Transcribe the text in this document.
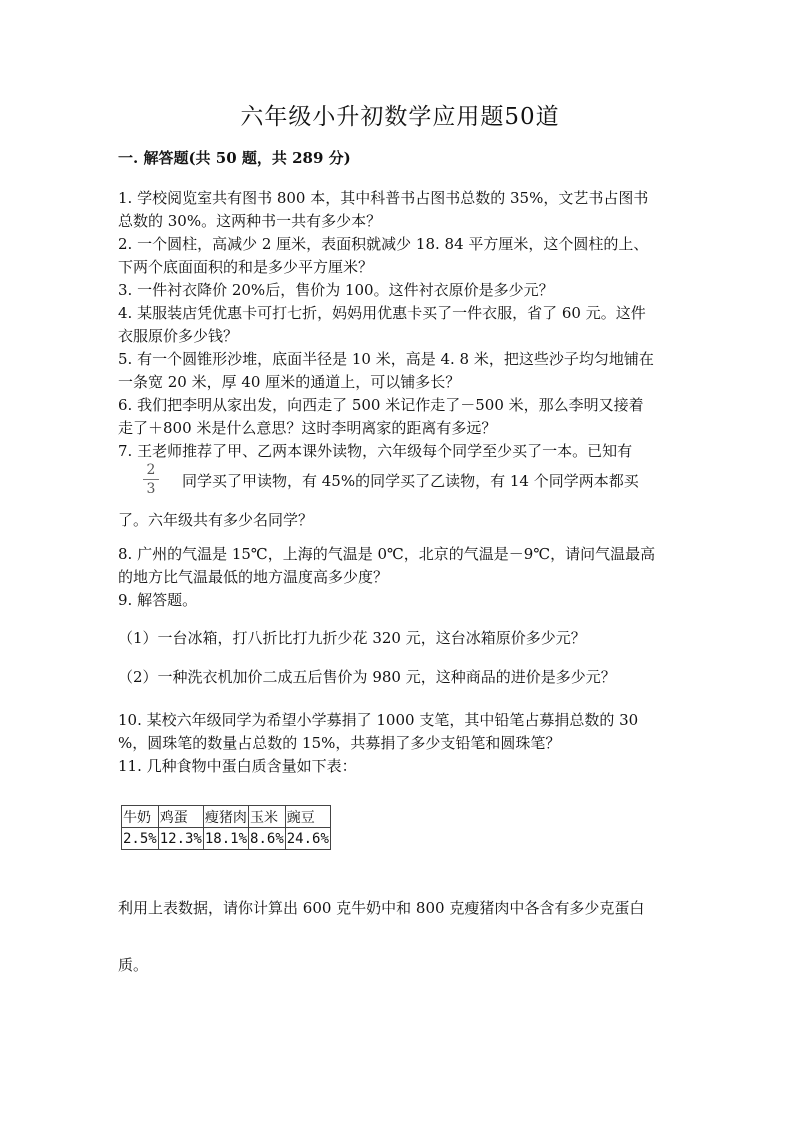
六年级小升初数学应用题50道
一. 解答题(共 50 题，共 289 分)
1. 学校阅览室共有图书 800 本，其中科普书占图书总数的 35%，文艺书占图书
总数的 30%。这两种书一共有多少本？
2. 一个圆柱，高减少 2 厘米，表面积就减少 18. 84 平方厘米，这个圆柱的上、
下两个底面面积的和是多少平方厘米？
3. 一件衬衣降价 20%后，售价为 100。这件衬衣原价是多少元？
4. 某服装店凭优惠卡可打七折，妈妈用优惠卡买了一件衣服，省了 60 元。这件
衣服原价多少钱？
5. 有一个圆锥形沙堆，底面半径是 10 米，高是 4. 8 米，把这些沙子均匀地铺在
一条宽 20 米，厚 40 厘米的通道上，可以铺多长？
6. 我们把李明从家出发，向西走了 500 米记作走了－500 米，那么李明又接着
走了＋800 米是什么意思？这时李明离家的距离有多远？
7. 王老师推荐了甲、乙两本课外读物，六年级每个同学至少买了一本。已知有
2
3 同学买了甲读物，有 45%的同学买了乙读物，有 14 个同学两本都买
了。六年级共有多少名同学？
8. 广州的气温是 15℃，上海的气温是 0℃，北京的气温是－9℃，请问气温最高
的地方比气温最低的地方温度高多少度？
9. 解答题。
（1）一台冰箱，打八折比打九折少花 320 元，这台冰箱原价多少元？
（2）一种洗衣机加价二成五后售价为 980 元，这种商品的进价是多少元？
10. 某校六年级同学为希望小学募捐了 1000 支笔，其中铅笔占募捐总数的 30
%，圆珠笔的数量占总数的 15%，共募捐了多少支铅笔和圆珠笔？
11. 几种食物中蛋白质含量如下表：
牛奶	鸡蛋	瘦猪肉	玉米	豌豆
2.5%	12.3%	18.1%	8.6%	24.6%
利用上表数据，请你计算出 600 克牛奶中和 800 克瘦猪肉中各含有多少克蛋白
质。
